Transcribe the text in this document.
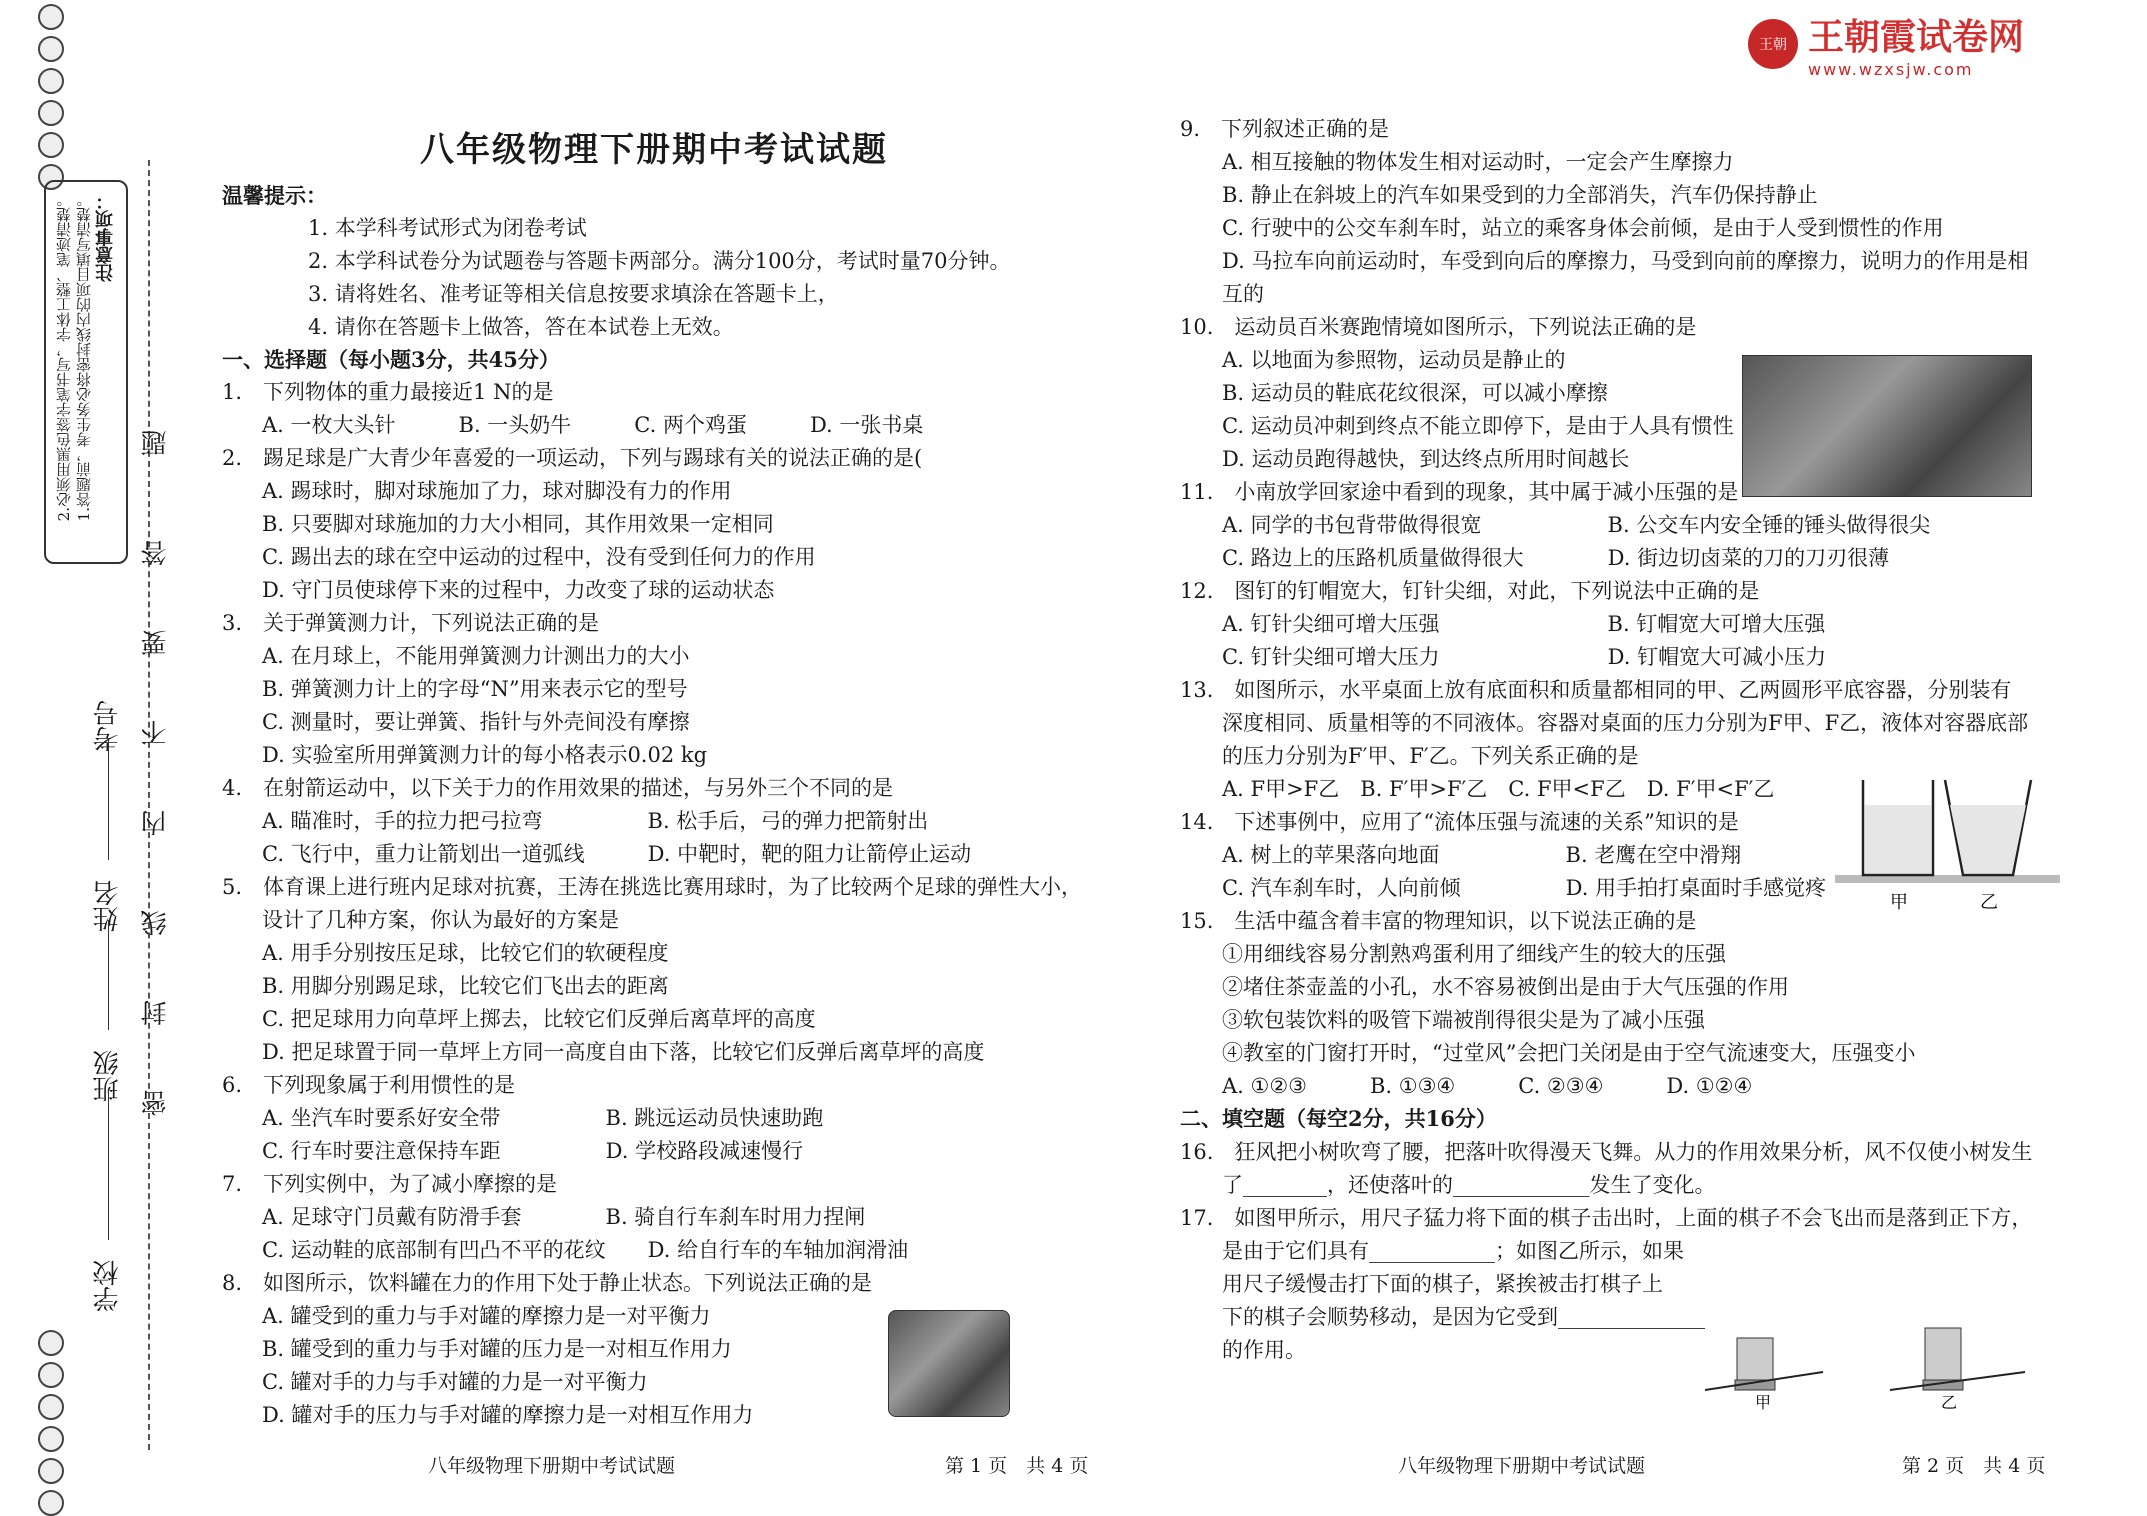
注意事项：
1.答题前，考生务必将密封线内的项目填写清楚。
2.必须用黑色签字笔书写，字体工整、笔迹清楚。	题
答
要
不
内
线
封
密
学校
班级
姓名
考号
王朝 王朝霞试卷网
www.wzxsjw.com
八年级物理下册期中考试试题
温馨提示：
1. 本学科考试形式为闭卷考试
2. 本学科试卷分为试题卷与答题卡两部分。满分100分，考试时量70分钟。
3. 请将姓名、准考证等相关信息按要求填涂在答题卡上，
4. 请你在答题卡上做答，答在本试卷上无效。
一、选择题（每小题3分，共45分）
1.　下列物体的重力最接近1 N的是
A. 一枚大头针　　　B. 一头奶牛　　　C. 两个鸡蛋　　　D. 一张书桌
2.　踢足球是广大青少年喜爱的一项运动，下列与踢球有关的说法正确的是(
A. 踢球时，脚对球施加了力，球对脚没有力的作用
B. 只要脚对球施加的力大小相同，其作用效果一定相同
C. 踢出去的球在空中运动的过程中，没有受到任何力的作用
D. 守门员使球停下来的过程中，力改变了球的运动状态
3.　关于弹簧测力计，下列说法正确的是
A. 在月球上，不能用弹簧测力计测出力的大小
B. 弹簧测力计上的字母“N”用来表示它的型号
C. 测量时，要让弹簧、指针与外壳间没有摩擦
D. 实验室所用弹簧测力计的每小格表示0.02 kg
4.　在射箭运动中，以下关于力的作用效果的描述，与另外三个不同的是
A. 瞄准时，手的拉力把弓拉弯　　　　　B. 松手后，弓的弹力把箭射出
C. 飞行中，重力让箭划出一道弧线　　　D. 中靶时，靶的阻力让箭停止运动
5.　体育课上进行班内足球对抗赛，王涛在挑选比赛用球时，为了比较两个足球的弹性大小，
设计了几种方案，你认为最好的方案是
A. 用手分别按压足球，比较它们的软硬程度
B. 用脚分别踢足球，比较它们飞出去的距离
C. 把足球用力向草坪上掷去，比较它们反弹后离草坪的高度
D. 把足球置于同一草坪上方同一高度自由下落，比较它们反弹后离草坪的高度
6.　下列现象属于利用惯性的是
A. 坐汽车时要系好安全带　　　　　B. 跳远运动员快速助跑
C. 行车时要注意保持车距　　　　　D. 学校路段减速慢行
7.　下列实例中，为了减小摩擦的是
A. 足球守门员戴有防滑手套　　　　B. 骑自行车刹车时用力捏闸
C. 运动鞋的底部制有凹凸不平的花纹　　D. 给自行车的车轴加润滑油
8.　如图所示，饮料罐在力的作用下处于静止状态。下列说法正确的是
A. 罐受到的重力与手对罐的摩擦力是一对平衡力
B. 罐受到的重力与手对罐的压力是一对相互作用力
C. 罐对手的力与手对罐的力是一对平衡力
D. 罐对手的压力与手对罐的摩擦力是一对相互作用力
八年级物理下册期中考试试题	第 1 页　共 4 页
9.　下列叙述正确的是
A. 相互接触的物体发生相对运动时，一定会产生摩擦力
B. 静止在斜坡上的汽车如果受到的力全部消失，汽车仍保持静止
C. 行驶中的公交车刹车时，站立的乘客身体会前倾，是由于人受到惯性的作用
D. 马拉车向前运动时，车受到向后的摩擦力，马受到向前的摩擦力，说明力的作用是相
互的
10.　运动员百米赛跑情境如图所示，下列说法正确的是
A. 以地面为参照物，运动员是静止的
B. 运动员的鞋底花纹很深，可以减小摩擦
C. 运动员冲刺到终点不能立即停下，是由于人具有惯性
D. 运动员跑得越快，到达终点所用时间越长
11.　小南放学回家途中看到的现象，其中属于减小压强的是
A. 同学的书包背带做得很宽　　　　　　B. 公交车内安全锤的锤头做得很尖
C. 路边上的压路机质量做得很大　　　　D. 街边切卤菜的刀的刀刃很薄
12.　图钉的钉帽宽大，钉针尖细，对此，下列说法中正确的是
A. 钉针尖细可增大压强　　　　　　　　B. 钉帽宽大可增大压强
C. 钉针尖细可增大压力　　　　　　　　D. 钉帽宽大可减小压力
13.　如图所示，水平桌面上放有底面积和质量都相同的甲、乙两圆形平底容器，分别装有
深度相同、质量相等的不同液体。容器对桌面的压力分别为F甲、F乙，液体对容器底部
的压力分别为F′甲、F′乙。下列关系正确的是
A. F甲>F乙　B. F′甲>F′乙　C. F甲<F乙　D. F′甲<F′乙
14.　下述事例中，应用了“流体压强与流速的关系”知识的是
A. 树上的苹果落向地面　　　　　　B. 老鹰在空中滑翔
C. 汽车刹车时，人向前倾　　　　　D. 用手拍打桌面时手感觉疼
15.　生活中蕴含着丰富的物理知识，以下说法正确的是
①用细线容易分割熟鸡蛋利用了细线产生的较大的压强
②堵住茶壶盖的小孔，水不容易被倒出是由于大气压强的作用
③软包装饮料的吸管下端被削得很尖是为了减小压强
④教室的门窗打开时，“过堂风”会把门关闭是由于空气流速变大，压强变小
A. ①②③　　　B. ①③④　　　C. ②③④　　　D. ①②④
二、填空题（每空2分，共16分）
16.　狂风把小树吹弯了腰，把落叶吹得漫天飞舞。从力的作用效果分析，风不仅使小树发生
了________，还使落叶的_____________发生了变化。
17.　如图甲所示，用尺子猛力将下面的棋子击出时，上面的棋子不会飞出而是落到正下方，
是由于它们具有____________；如图乙所示，如果
用尺子缓慢击打下面的棋子，紧挨被击打棋子上
下的棋子会顺势移动，是因为它受到______________
的作用。
甲	乙
甲	乙
八年级物理下册期中考试试题	第 2 页　共 4 页
